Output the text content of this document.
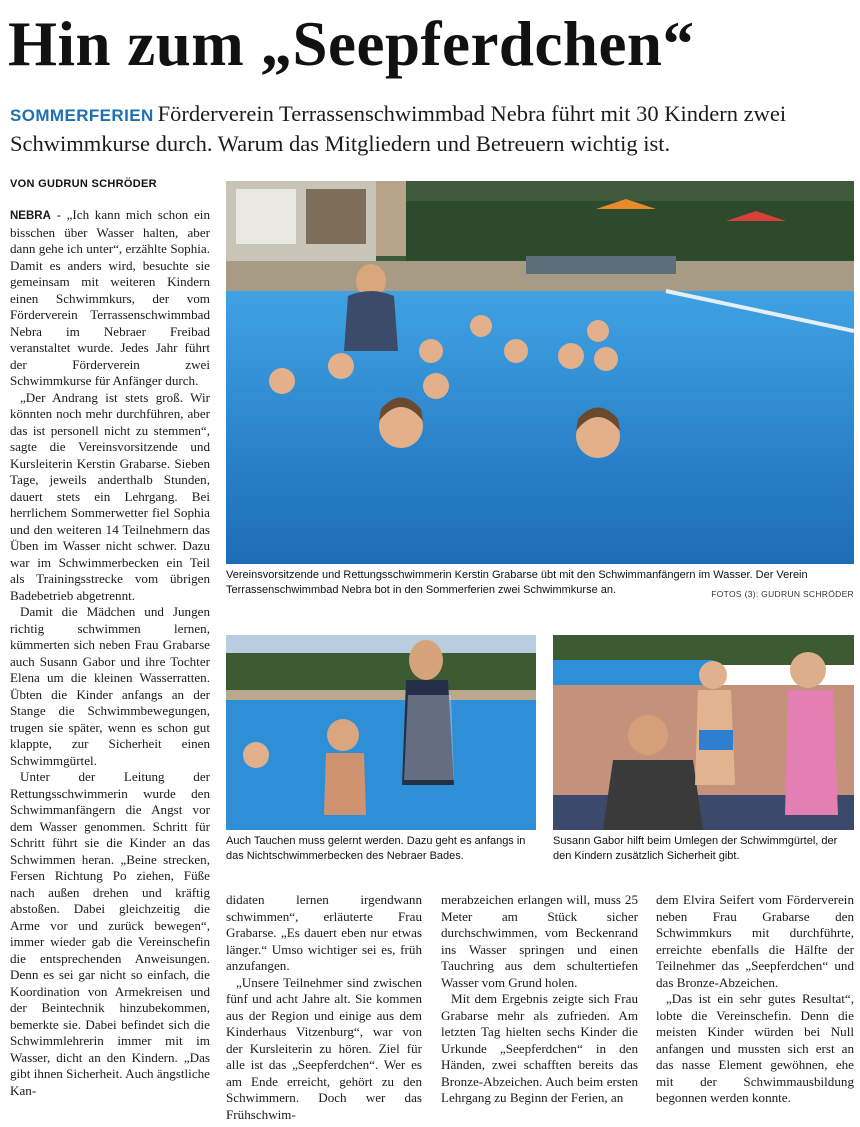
Hin zum „Seepferdchen“
SOMMERFERIEN Förderverein Terrassenschwimmbad Nebra führt mit 30 Kindern zwei Schwimmkurse durch. Warum das Mitgliedern und Betreuern wichtig ist.
VON GUDRUN SCHRÖDER

NEBRA - „Ich kann mich schon ein bisschen über Wasser halten, aber dann gehe ich unter“, erzählte Sophia. Damit es anders wird, besuchte sie gemeinsam mit weiteren Kindern einen Schwimmkurs, der vom Förderverein Terrassenschwimmbad Nebra im Nebraer Freibad veranstaltet wurde. Jedes Jahr führt der Förderverein zwei Schwimmkurse für Anfänger durch.

„Der Andrang ist stets groß. Wir könnten noch mehr durchführen, aber das ist personell nicht zu stemmen“, sagte die Vereinsvorsitzende und Kursleiterin Kerstin Grabarse. Sieben Tage, jeweils anderthalb Stunden, dauert stets ein Lehrgang. Bei herrlichem Sommerwetter fiel Sophia und den weiteren 14 Teilnehmern das Üben im Wasser nicht schwer. Dazu war im Schwimmerbecken ein Teil als Trainingsstrecke vom übrigen Badebetrieb abgetrennt.

Damit die Mädchen und Jungen richtig schwimmen lernen, kümmerten sich neben Frau Grabarse auch Susann Gabor und ihre Tochter Elena um die kleinen Wasserratten. Übten die Kinder anfangs an der Stange die Schwimmbewegungen, trugen sie später, wenn es schon gut klappte, zur Sicherheit einen Schwimmgürtel.

Unter der Leitung der Rettungsschwimmerin wurde den Schwimmanfängern die Angst vor dem Wasser genommen. Schritt für Schritt führt sie die Kinder an das Schwimmen heran. „Beine strecken, Fersen Richtung Po ziehen, Füße nach außen drehen und kräftig abstoßen. Dabei gleichzeitig die Arme vor und zurück bewegen“, immer wieder gab die Vereinschefin die entsprechenden Anweisungen. Denn es sei gar nicht so einfach, die Koordination von Armekreisen und der Beintechnik hinzubekommen, bemerkte sie. Dabei befindet sich die Schwimmlehrerin immer mit im Wasser, dicht an den Kindern. „Das gibt ihnen Sicherheit. Auch ängstliche Kan-

Vereinsvorsitzende und Rettungsschwimmerin Kerstin Grabarse übt mit den Schwimmanfängern im Wasser. Der Verein Terrassenschwimmbad Nebra bot in den Sommerferien zwei Schwimmkurse an.	FOTOS (3): GUDRUN SCHRÖDER
Auch Tauchen muss gelernt werden. Dazu geht es anfangs in das Nichtschwimmerbecken des Nebraer Bades.
Susann Gabor hilft beim Umlegen der Schwimmgürtel, der den Kindern zusätzlich Sicherheit gibt.

didaten lernen irgendwann schwimmen“, erläuterte Frau Grabarse. „Es dauert eben nur etwas länger.“ Umso wichtiger sei es, früh anzufangen.

„Unsere Teilnehmer sind zwischen fünf und acht Jahre alt. Sie kommen aus der Region und einige aus dem Kinderhaus Vitzenburg“, war von der Kursleiterin zu hören. Ziel für alle ist das „Seepferdchen“. Wer es am Ende erreicht, gehört zu den Schwimmern. Doch wer das Frühschwim-

merabzeichen erlangen will, muss 25 Meter am Stück sicher durchschwimmen, vom Beckenrand ins Wasser springen und einen Tauchring aus dem schultertiefen Wasser vom Grund holen.

Mit dem Ergebnis zeigte sich Frau Grabarse mehr als zufrieden. Am letzten Tag hielten sechs Kinder die Urkunde „Seepferdchen“ in den Händen, zwei schafften bereits das Bronze-Abzeichen. Auch beim ersten Lehrgang zu Beginn der Ferien, an

dem Elvira Seifert vom Förderverein neben Frau Grabarse den Schwimmkurs mit durchführte, erreichte ebenfalls die Hälfte der Teilnehmer das „Seepferdchen“ und das Bronze-Abzeichen.

„Das ist ein sehr gutes Resultat“, lobte die Vereinschefin. Denn die meisten Kinder würden bei Null anfangen und mussten sich erst an das nasse Element gewöhnen, ehe mit der Schwimmausbildung begonnen werden konnte.
